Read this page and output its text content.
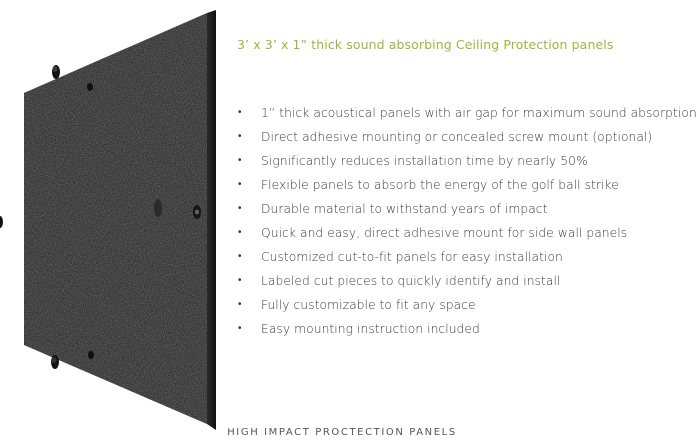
3’ x 3’ x 1” thick sound absorbing Ceiling Protection panels
• 1” thick acoustical panels with air gap for maximum sound absorption
• Direct adhesive mounting or concealed screw mount (optional)
• Significantly reduces installation time by nearly 50%
• Flexible panels to absorb the energy of the golf ball strike
• Durable material to withstand years of impact
• Quick and easy, direct adhesive mount for side wall panels
• Customized cut-to-fit panels for easy installation
• Labeled cut pieces to quickly identify and install
• Fully customizable to fit any space
• Easy mounting instruction included
HIGH IMPACT PROCTECTION PANELS
